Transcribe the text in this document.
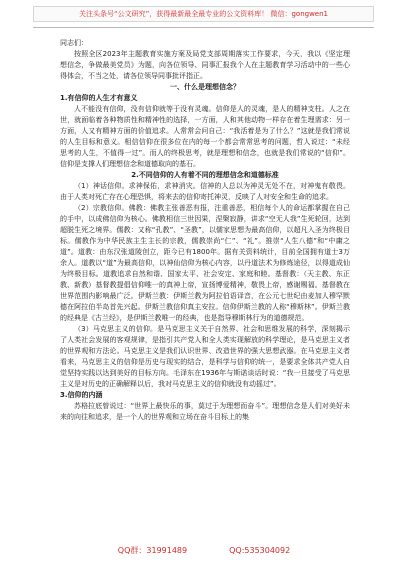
关注头条号“公文研究”，获得最新最全最专业的公文资料库！ 微信：gongwen1

同志们：

按照全区2023年主题教育实施方案及局党支部周期落实工作要求，今天，我以《坚定理想信念，争做最美党员》为题，向各位领导、同事汇报我个人在主题教育学习活动中的一些心得体会，不当之处，请各位领导同事批评指正。

一、什么是理想信念？
1.有信仰的人生才有意义

人不能没有信仰，没有信仰就等于没有灵魂。信仰是人的灵魂，是人的精神支柱。人之在世，就面临着各种物质性和精神性的选择，一方面，人和其他动物一样存在着生理需求：另一方面，人又有精神方面的价值追求。人常常会问自己：“我活着是为了什么？”这就是我们常说的人生目标和意义。相信信仰在很多位在内的每一个都会常常思考的问题，哲人说过：“未经思考的人生，不值得一过”。而人的终极思考，就是理想和信念，也就是我们常说的“信仰”。信仰是支撑人们理想信念和道德取向的基石。

2.不同信仰的人有着不同的理想信念和道德标准

（1）神话信仰。求神保佑，求神消灾。信神的人总以为神灵无处不在，对神鬼有敬畏。由于人类对死亡存在心理恐惧，将来去的信仰寄托神灵，反映了人对安全和生命的追求。

（2）宗教信仰。佛教：佛教主张善恶有报，注重善恶，相信每个人的命运都掌握在自己的手中，以成佛信仰为核心。佛教相信三世因果，涅槃寂静，讲求“空无人我”生死轮回，达到超脱生死之境界。儒教：又称“孔教”、“圣教”，以儒家思想为最高信仰，以超凡入圣为终极目标。儒教作为中华民族主生主长的宗教，儒教崇尚“仁”、“礼”。推崇“人生八德”和“中庸之道”。道教：由东汉张道陵创立，距今已有1800年。据有关资料统计，目前全国拥有道士3万余人。道教以“道”为最高信仰，以神仙信仰为核心内容，以丹道法术为修炼途径，以得道成仙为终极目标。道教追求自然和谐、国家太平、社会安定、家庭和睦。基督教：（天主教、东正教、新教）基督教提倡信仰唯一的真神上帝，宣扬博爱精神，敬畏上帝，感谢赐福。基督教在世界范围内影响最广泛。伊斯兰教：伊斯兰教为阿拉伯语译音，在公元七世纪由麦加人穆罕默德在阿拉伯半岛首先兴起。伊斯兰教信仰真主安拉。信仰伊斯兰教的人称“穆斯林”。伊斯兰教的经典是《古兰经》，是伊斯兰教唯一的经典，也是指导穆斯林行为的道德规范。

（3）马克思主义的信仰。是马克思主义关于自然界、社会和思维发展的科学，深刻揭示了人类社会发展的客观规律，是指引共产党人和全人类实现解放的科学理论，是马克思主义者的世界观和方法论。马克思主义是我们认识世界、改造世界的强大思想武器。在马克思主义者看来，马克思主义的信仰是历史与现实的结合，是科学与信仰的统一，是要求全体共产党人自觉坚持实践以达到美好的目标方向。毛泽东在1936年与斯诺谈话时说：“我一旦接受了马克思主义是对历史的正确解释以后，我对马克思主义的信仰就没有动摇过”。

3.信仰的内涵

苏格拉底曾说过：“世界上最快乐的事，莫过于为理想而奋斗”。理想信念是人们对美好未来的向往和追求，是一个人的世界观和立场在奋斗目标上的集

QQ群：31991489	QQ:535304092
